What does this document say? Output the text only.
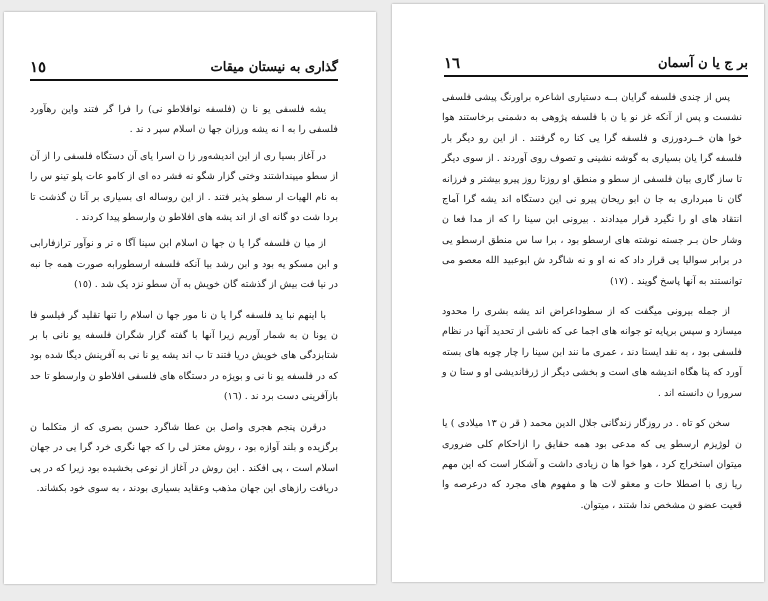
١٥	گذاری به نیستان میقات

یشه فلسفی یو نا ن (فلسفه نوافلاطو نی) را فرا گر فتند واین رهآورد فلسفی را به ا نه یشه ورزان جها ن اسلام سپر د ند .

در آغاز بسیا ری از این اندیشه‌ور زا ن اسرا یای آن دستگاه فلسفی را از آن از سطو میپنداشتند وختی گزار شگو نه فشر ده ای از کامو عات پلو تینو س را به نام الهیات ار سطو پذیر فتند . از این روساله ای بسیاری بر آنا ن گذشت تا بردا شت دو گانه ای از اند یشه های افلاطو ن وارسطو پیدا کردند .

از میا ن فلسفه گرا یا ن جها ن اسلام ابن سینا آگا ه تر و نوآور ترازفارابی و ابن مسکو یه بود و ابن رشد بیا آنکه فلسفه ارسطورابه صورت همه جا نبه در نیا فت بیش از گذشته گان خویش به آن سطو نزد یک شد . (١٥)

با اینهم نبا ید فلسفه گرا یا ن نا مور جها ن اسلام را تنها تقلید گر فیلسو فا ن یونا ن به شمار آوریم زیرا آنها با گفته گزار شگران فلسفه یو نانی با بر شتابزدگی های خویش دریا فتند تا ب اند یشه یو نا نی به آفرینش دیگا شده بود که در فلسفه یو نا نی و بویژه در دستگاه های فلسفی افلاطو ن وارسطو تا حد بازآفرینی دست برد ند . (١٦)

درقرن پنجم هجری واصل بن عطا شاگرد حسن بصری که از متکلما ن برگزیده و بلند آوازه بود ، روش معتز لی را که جها نگری خرد گرا یی در جهان اسلام است ، پی افکند . این روش در آغاز از نوعی بخشیده بود زیرا که در پی دریافت رازهای این جهان مذهب وعقاید بسیاری بودند ، به سوی خود بکشاند.

١٦	بر ج یا ن آسمان

پس از چندی فلسفه گرایان بــه دستیاری اشاعره براورنگ پیشی فلسفی نشست و پس از آنکه غز نو یا ن با فلسفه پژوهی به دشمنی برخاستند هوا خوا هان خــردورزی و فلسفه گرا یی کنا ره گرفتند . از این رو دیگر بار فلسفه گرا یان بسیاری به گوشه نشینی و تصوف روی آوردند . از سوی دیگر تا ساز گاری بیان فلسفی از سطو و منطق او روزتا روز پیرو بیشتر و فرزانه گان نا مبرداری به جا ن ابو ریحان پیرو نی این دستگاه اند یشه گرا آماج انتقاد های او را نگیرد قرار میدادند . بیرونی ابن سینا را که از مدا فعا ن وشار حان بـر جسته نوشته های ارسطو بود ، برا سا س منطق ارسطو یی در برابر سوالیا یی قرار داد که نه او و نه شاگرد ش ابوعبید الله معصو می توانستند به آنها پاسخ گویند . (١٧)

از جمله بیرونی میگفت که از سطوداعراض اند یشه بشری را محدود میسازد و سپس برپایه تو جوانه های اجما عی که ناشی از تحدید آنها در نظام فلسفی بود ، به نقد ایستا دند ، عمری ما نند ابن سینا را چار چوبه های بسته آورد که پنا هگاه اندیشه های است و بخشی دیگر از ژرفاندیشی او و ستا ن و سرورا ن دانسته اند .

سخن کو تاه . در روزگار زندگانی جلال الدین محمد ( قر ن ١٣ میلادی ) یا ن لوژیزم ارسطو یی که مدعی بود همه حقایق را ازاحکام کلی ضروری میتوان استخراج کرد ، هوا خوا ها ن زیادی داشت و آشکار است که این مهم ریا زی با اصطلا حات و معقو لات ها و مفهوم های مجرد که درعرصه وا قعیت عضو ن مشخص ندا شتند ، میتوان.
